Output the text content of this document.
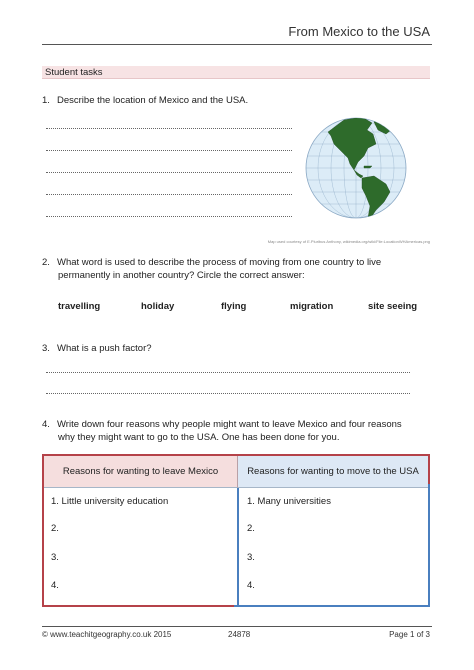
From Mexico to the USA
Student tasks
1. Describe the location of Mexico and the USA.
Map used courtesy of E.Pluribus Anthony, wikimedia.org/wiki/File:LocationWHAmericas.png
2. What word is used to describe the process of moving from one country to live
permanently in another country? Circle the correct answer:
travelling	holiday	flying	migration	site seeing
3. What is a push factor?
4. Write down four reasons why people might want to leave Mexico and four reasons
why they might want to go to the USA. One has been done for you.
Reasons for wanting to leave Mexico	Reasons for wanting to move to the USA
1. Little university education
2.
3.
4.
1. Many universities
2.
3.
4.
© www.teachitgeography.co.uk 2015	24878	Page 1 of 3
